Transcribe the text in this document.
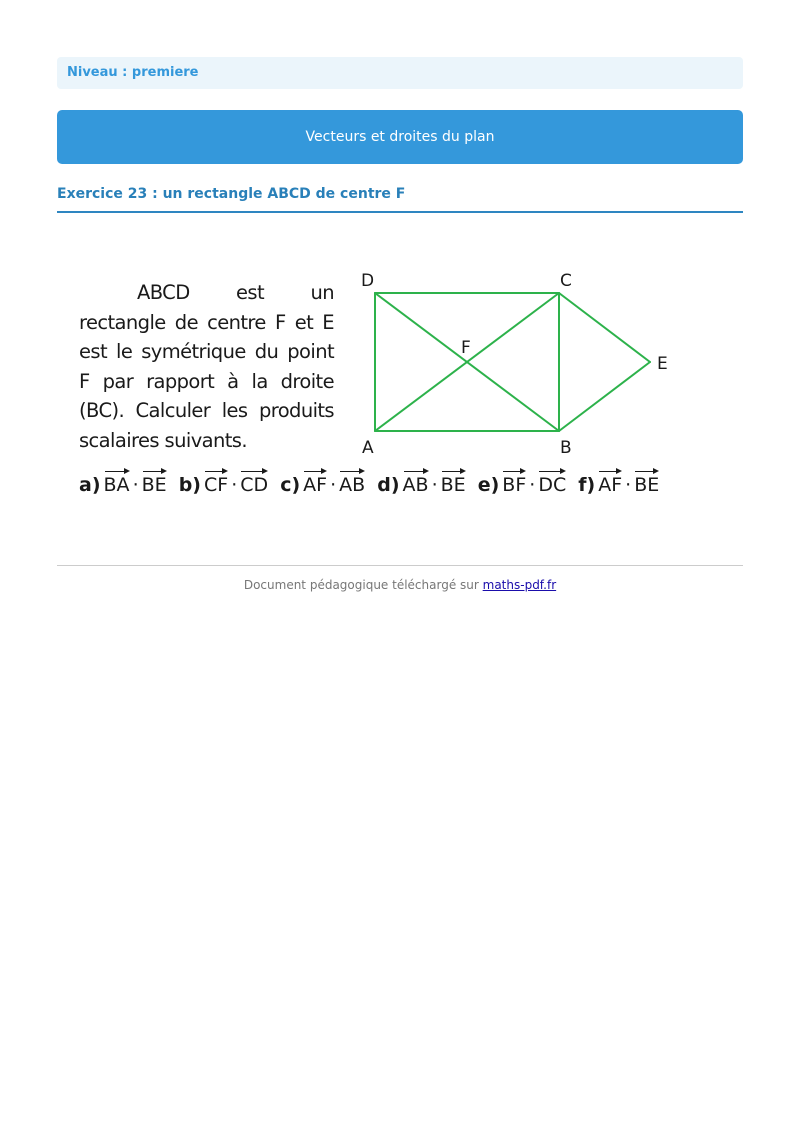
Niveau : premiere
Vecteurs et droites du plan
Exercice 23 : un rectangle ABCD de centre F
ABCD est un rectangle de centre F et E est le symétrique du point F par rapport à la droite (BC). Calculer les produits scalaires suivants.	A	B
C
D
E
F
a) BA · BE b) CF · CD c) AF · AB d) AB · BE e) BF · DC f) AF · BE
Document pédagogique téléchargé sur maths-pdf.fr
